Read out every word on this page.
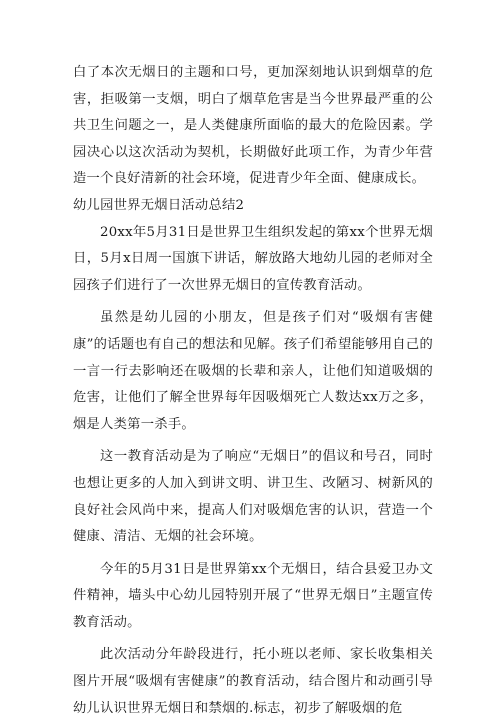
白了本次无烟日的主题和口号，更加深刻地认识到烟草的危害，拒吸第一支烟，明白了烟草危害是当今世界最严重的公共卫生问题之一，是人类健康所面临的最大的危险因素。学园决心以这次活动为契机，长期做好此项工作，为青少年营造一个良好清新的社会环境，促进青少年全面、健康成长。

幼儿园世界无烟日活动总结2

20xx年5月31日是世界卫生组织发起的第xx个世界无烟日，5月x日周一国旗下讲话，解放路大地幼儿园的老师对全园孩子们进行了一次世界无烟日的宣传教育活动。

虽然是幼儿园的小朋友，但是孩子们对“吸烟有害健康”的话题也有自己的想法和见解。孩子们希望能够用自己的一言一行去影响还在吸烟的长辈和亲人，让他们知道吸烟的危害，让他们了解全世界每年因吸烟死亡人数达xx万之多，烟是人类第一杀手。

这一教育活动是为了响应“无烟日”的倡议和号召，同时也想让更多的人加入到讲文明、讲卫生、改陋习、树新风的良好社会风尚中来，提高人们对吸烟危害的认识，营造一个健康、清洁、无烟的社会环境。

今年的5月31日是世界第xx个无烟日，结合县爱卫办文件精神，墙头中心幼儿园特别开展了“世界无烟日”主题宣传教育活动。

此次活动分年龄段进行，托小班以老师、家长收集相关图片开展“吸烟有害健康”的教育活动，结合图片和动画引导幼儿认识世界无烟日和禁烟的.标志，初步了解吸烟的危
